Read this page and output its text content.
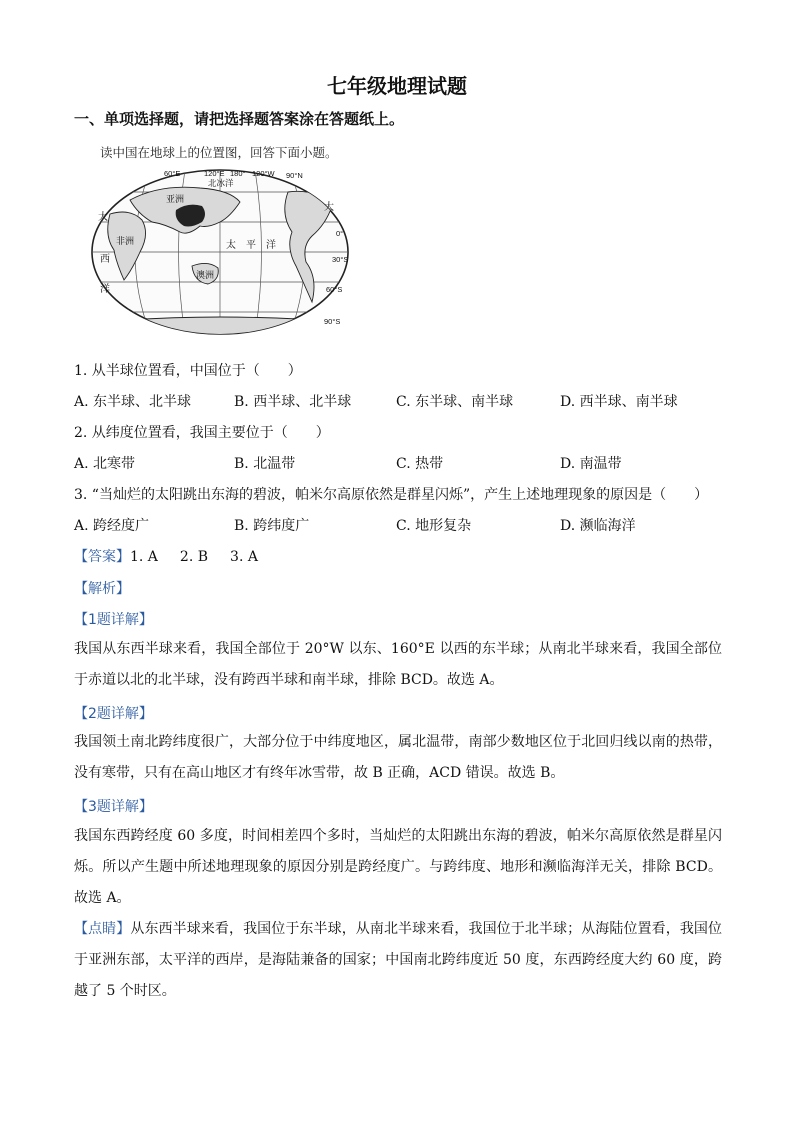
七年级地理试题
一、单项选择题，请把选择题答案涂在答题纸上。
读中国在地球上的位置图，回答下面小题。
60°E	120°E 180° 120°W 90°N
北冰洋
亚洲
大
非洲
西
洋
太 平 洋
澳洲
大
60°S
90°S
30°S
0°
1. 从半球位置看，中国位于（　　）
A. 东半球、北半球	B. 西半球、北半球	C. 东半球、南半球	D. 西半球、南半球
2. 从纬度位置看，我国主要位于（　　）
A. 北寒带	B. 北温带	C. 热带	D. 南温带
3. “当灿烂的太阳跳出东海的碧波，帕米尔高原依然是群星闪烁”，产生上述地理现象的原因是（　　）
A. 跨经度广	B. 跨纬度广	C. 地形复杂	D. 濒临海洋
【答案】1. A 2. B 3. A
【解析】
【1题详解】
我国从东西半球来看，我国全部位于 20°W 以东、160°E 以西的东半球；从南北半球来看，我国全部位于赤道以北的北半球，没有跨西半球和南半球，排除 BCD。故选 A。
【2题详解】
我国领土南北跨纬度很广，大部分位于中纬度地区，属北温带，南部少数地区位于北回归线以南的热带，没有寒带，只有在高山地区才有终年冰雪带，故 B 正确，ACD 错误。故选 B。
【3题详解】
我国东西跨经度 60 多度，时间相差四个多时，当灿烂的太阳跳出东海的碧波，帕米尔高原依然是群星闪烁。所以产生题中所述地理现象的原因分别是跨经度广。与跨纬度、地形和濒临海洋无关，排除 BCD。故选 A。
【点睛】从东西半球来看，我国位于东半球，从南北半球来看，我国位于北半球；从海陆位置看，我国位于亚洲东部，太平洋的西岸，是海陆兼备的国家；中国南北跨纬度近 50 度，东西跨经度大约 60 度，跨越了 5 个时区。
